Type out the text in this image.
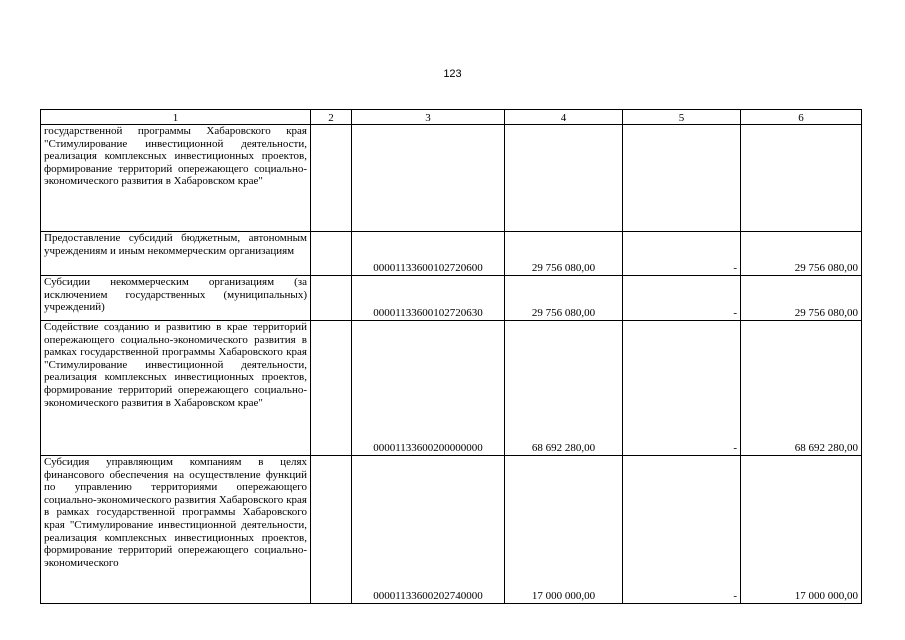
123
1	2	3	4	5	6
государственной программы Хабаровского края "Стимулирование инвестиционной деятельности, реализация комплексных инвестиционных проектов, формирование территорий опережающего социально-экономического развития в Хабаровском крае"					
Предоставление субсидий бюджетным, автономным учреждениям и иным некоммерческим организациям		00001133600102720600	29 756 080,00	-	29 756 080,00
Субсидии некоммерческим организациям (за исключением государственных (муниципальных) учреждений)		00001133600102720630	29 756 080,00	-	29 756 080,00
Содействие созданию и развитию в крае территорий опережающего социально-экономического развития в рамках государственной программы Хабаровского края "Стимулирование инвестиционной деятельности, реализация комплексных инвестиционных проектов, формирование территорий опережающего социально-экономического развития в Хабаровском крае"		00001133600200000000	68 692 280,00	-	68 692 280,00
Субсидия управляющим компаниям в целях финансового обеспечения на осуществление функций по управлению территориями опережающего социально-экономического развития Хабаровского края в рамках государственной программы Хабаровского края "Стимулирование инвестиционной деятельности, реализация комплексных инвестиционных проектов, формирование территорий опережающего социально-экономического		00001133600202740000	17 000 000,00	-	17 000 000,00
